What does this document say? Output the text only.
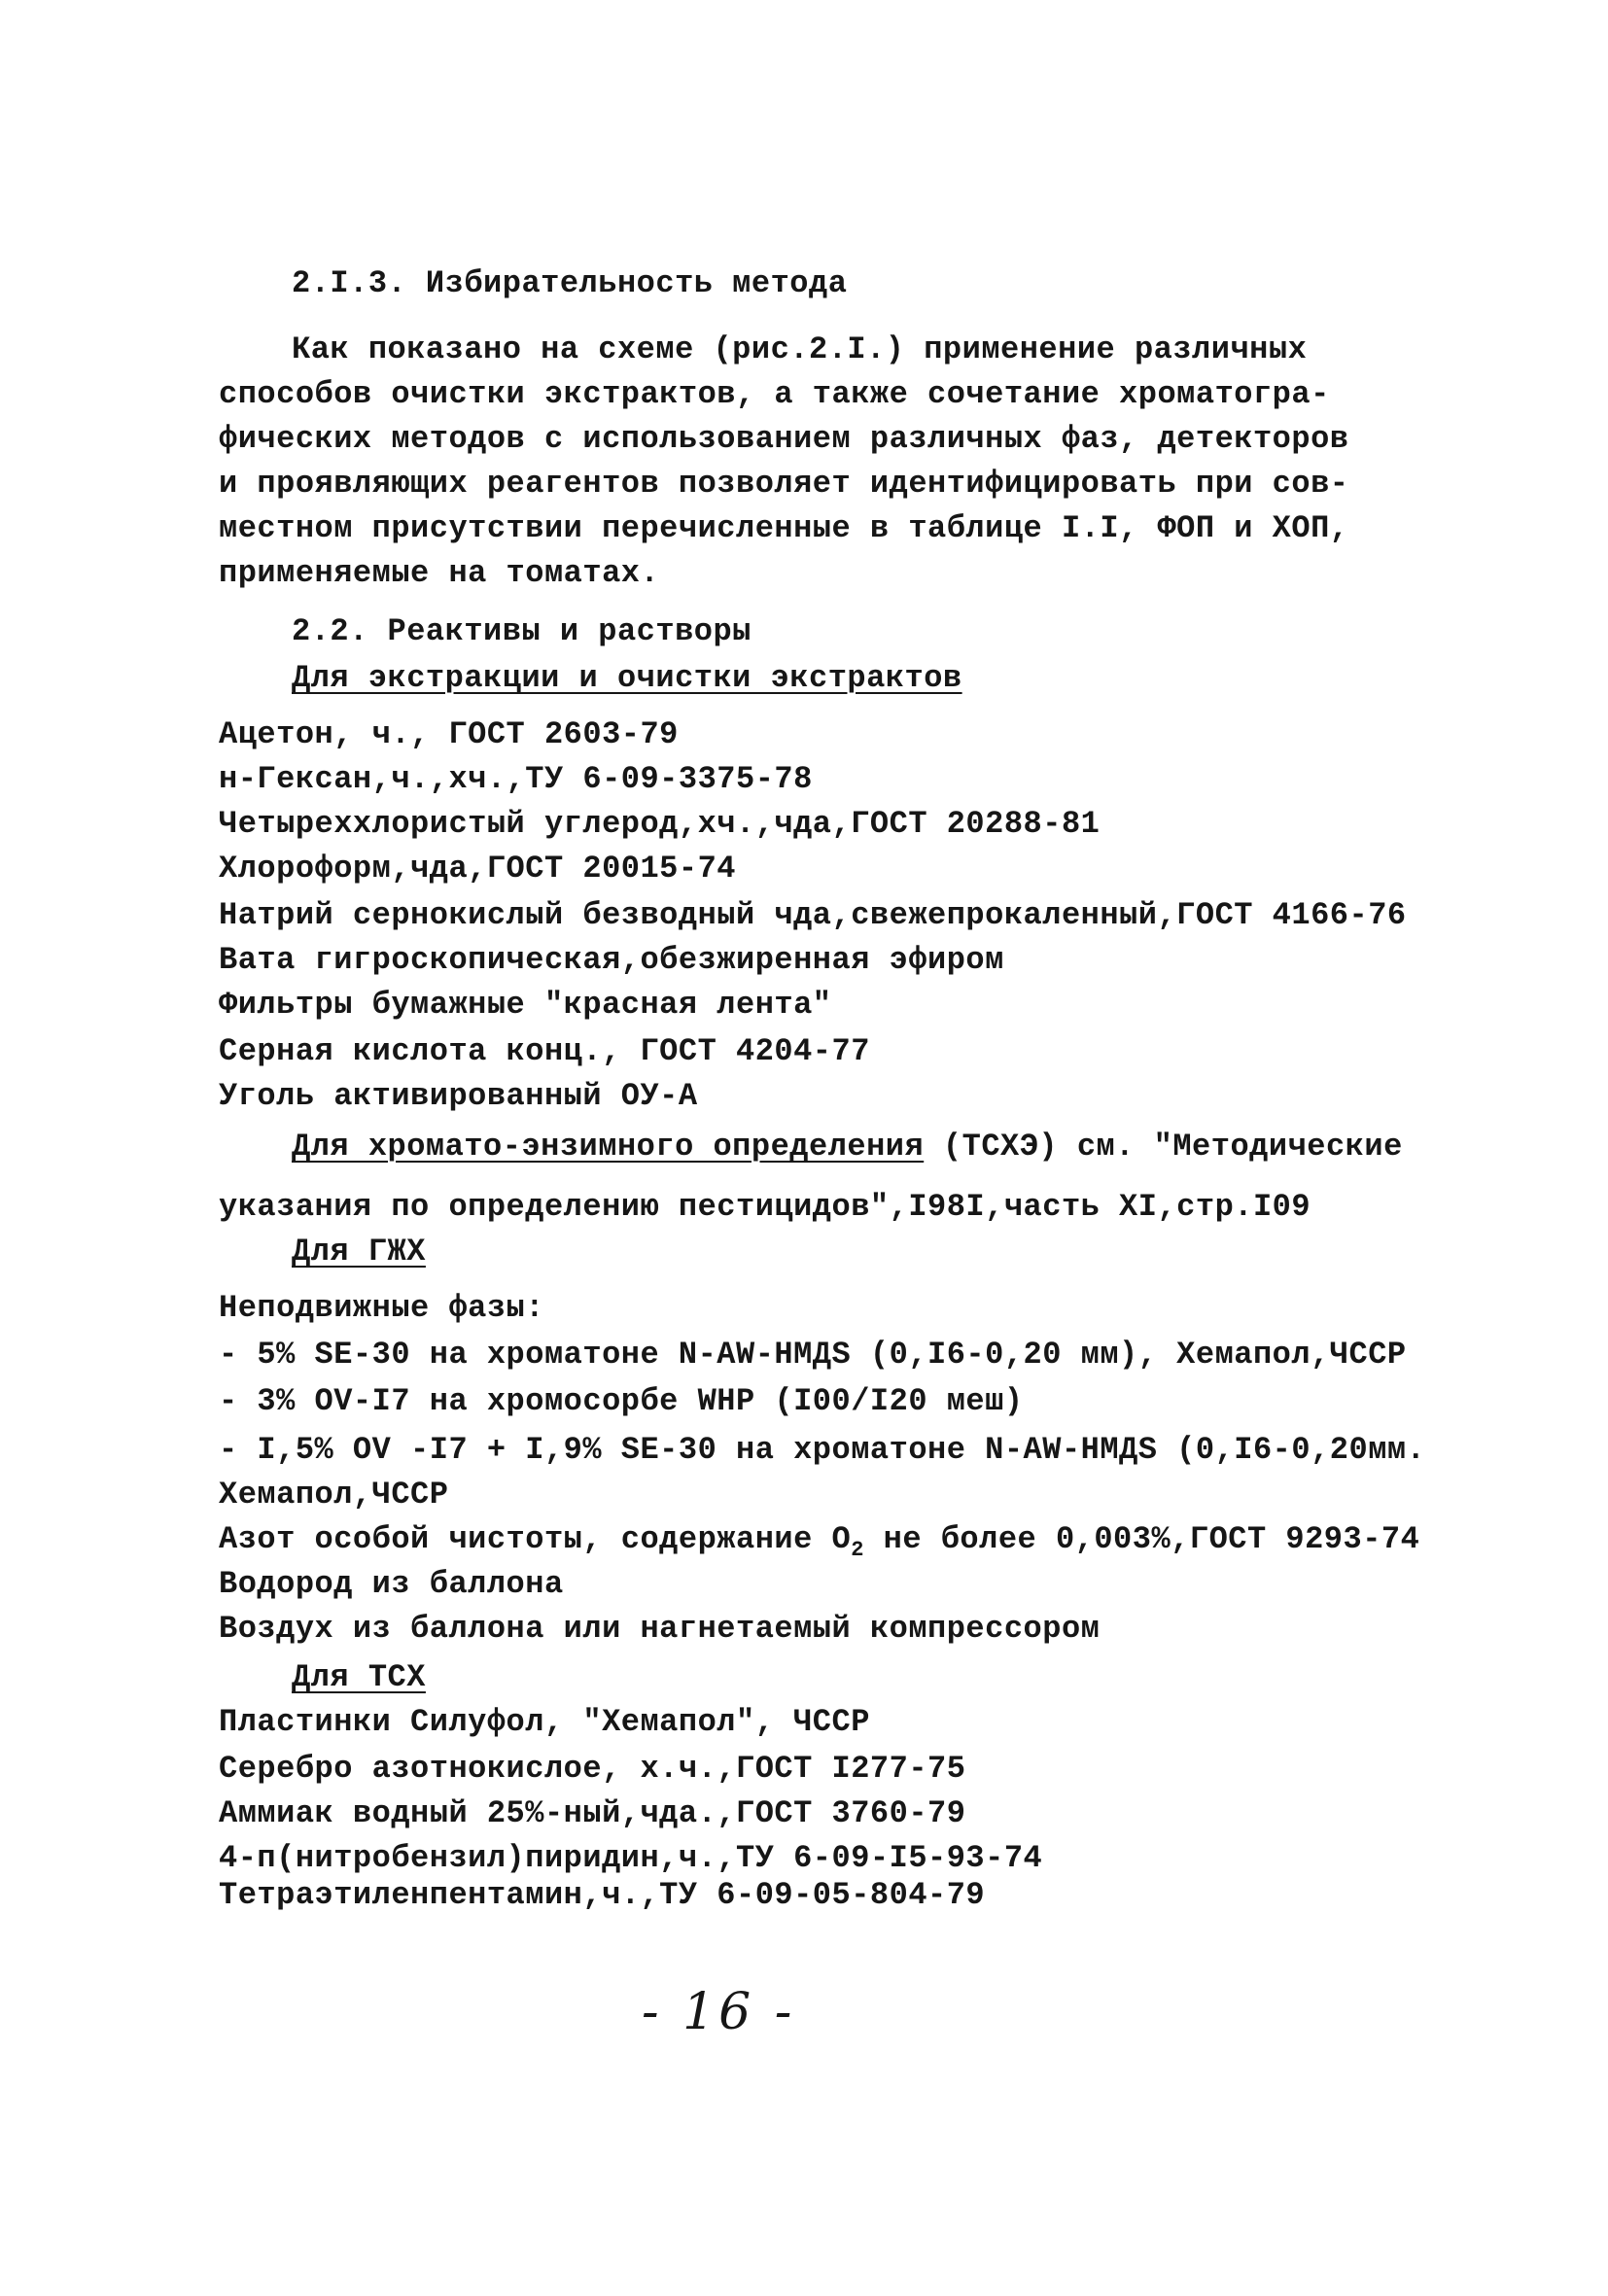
2.I.3. Избирательность метода
Как показано на схеме (рис.2.I.) применение различных
способов очистки экстрактов, а также сочетание хроматогра-
фических методов с использованием различных фаз, детекторов
и проявляющих реагентов позволяет идентифицировать при сов-
местном присутствии перечисленные в таблице I.I, ФОП и ХОП,
применяемые на томатах.
2.2. Реактивы и растворы
Для экстракции и очистки экстрактов
Ацетон, ч., ГОСТ 2603-79
н-Гексан,ч.,хч.,ТУ 6-09-3375-78
Четыреххлористый углерод,хч.,чда,ГОСТ 20288-81
Хлороформ,чда,ГОСТ 20015-74
Натрий сернокислый безводный чда,свежепрокаленный,ГОСТ 4166-76
Вата гигроскопическая,обезжиренная эфиром
Фильтры бумажные "красная лента"
Серная кислота конц., ГОСТ 4204-77
Уголь активированный ОУ-А
Для хромато-энзимного определения (ТСХЭ) см. "Методические
указания по определению пестицидов",I98I,часть XI,стр.I09
Для ГЖХ
Неподвижные фазы:
- 5% SE-30 на хроматоне N-AW-HMДS (0,I6-0,20 мм), Хемапол,ЧССР
- 3% OV-I7 на хромосорбе WHP (I00/I20 меш)
- I,5% OV -I7 + I,9% SE-30 на хроматоне N-AW-HMДS (0,I6-0,20мм.
Хемапол,ЧССР
Азот особой чистоты, содержание $O_2$ не более 0,003%,ГОСТ 9293-74
Водород из баллона
Воздух из баллона или нагнетаемый компрессором
Для ТСХ
Пластинки Силуфол, "Хемапол", ЧССР
Серебро азотнокислое, х.ч.,ГОСТ I277-75
Аммиак водный 25%-ный,чда.,ГОСТ 3760-79
4-п(нитробензил)пиридин,ч.,ТУ 6-09-I5-93-74
Тетраэтиленпентамин,ч.,ТУ 6-09-05-804-79
- 16 -
